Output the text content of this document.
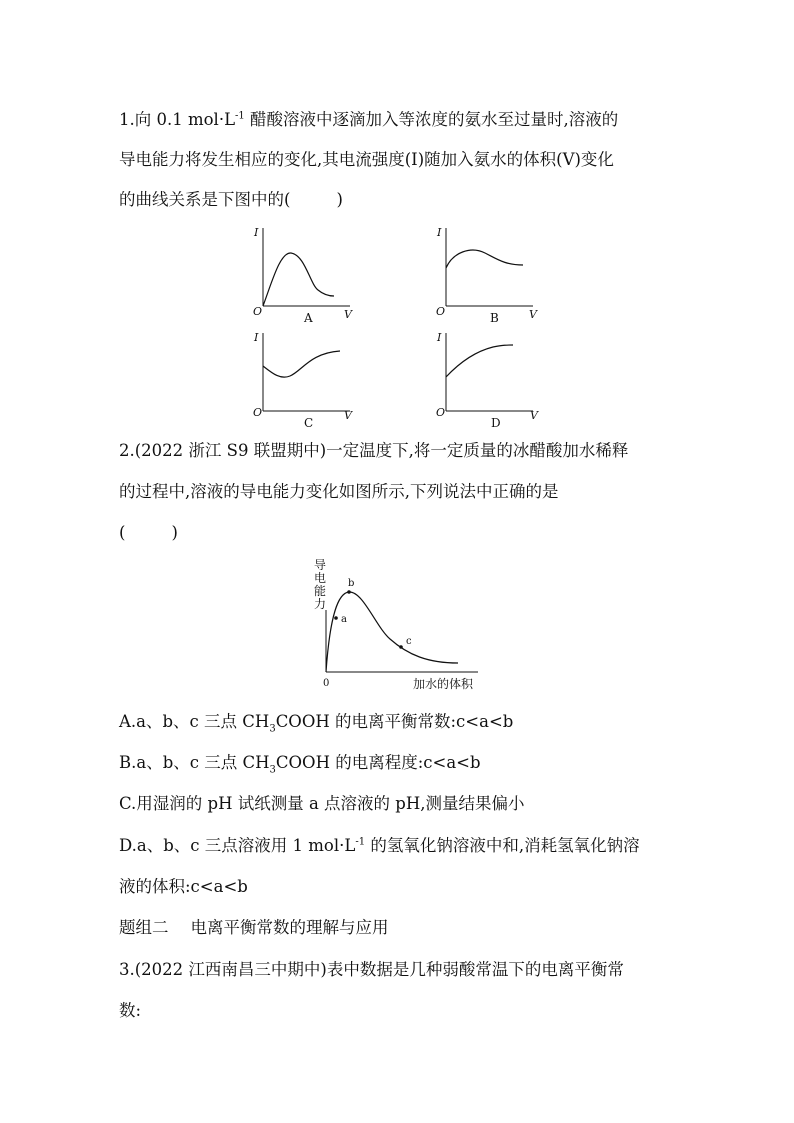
1.向 0.1 $mol\cdot L^{-1}$ 醋酸溶液中逐滴加入等浓度的氨水至过量时,溶液的
导电能力将发生相应的变化,其电流强度(I)随加入氨水的体积(V)变化
的曲线关系是下图中的(	)
I
O	V
A
I
O	V
B
I
O	V
C
I
O	V
D
2.(2022 浙江 S9 联盟期中)一定温度下,将一定质量的冰醋酸加水稀释
的过程中,溶液的导电能力变化如图所示,下列说法中正确的是
(	)
a
b
c
导
电
能
力
0	加水的体积
A.a、b、c 三点 $CH_3COOH$ 的电离平衡常数:c<a<b
B.a、b、c 三点 $CH_3COOH$ 的电离程度:c<a<b
C.用湿润的 pH 试纸测量 a 点溶液的 pH,测量结果偏小
D.a、b、c 三点溶液用 1 $mol\cdot L^{-1}$ 的氢氧化钠溶液中和,消耗氢氧化钠溶
液的体积:c<a<b
题组二 电离平衡常数的理解与应用
3.(2022 江西南昌三中期中)表中数据是几种弱酸常温下的电离平衡常
数:
